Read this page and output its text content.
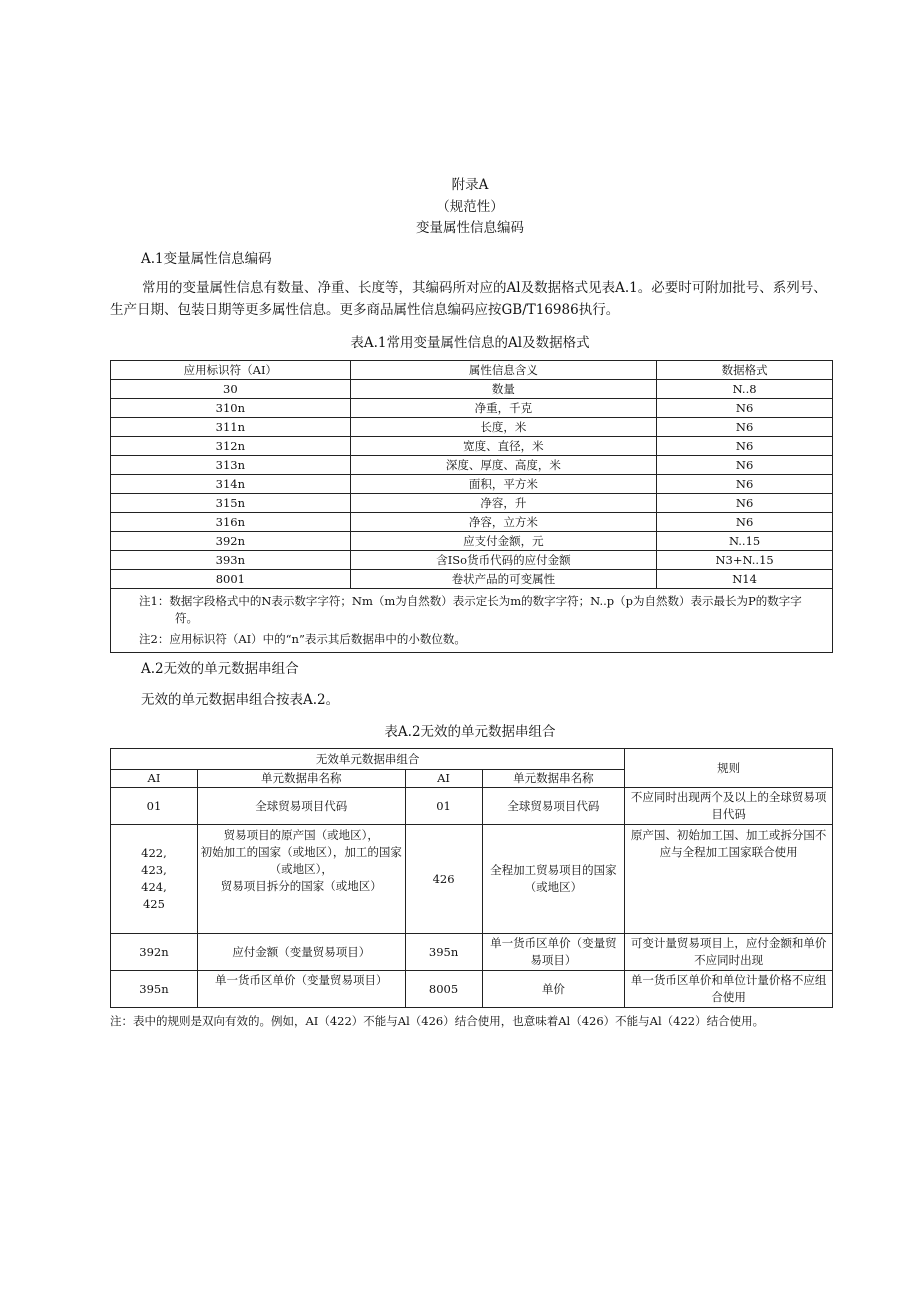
附录A
（规范性）
变量属性信息编码
A.1变量属性信息编码
常用的变量属性信息有数量、净重、长度等，其编码所对应的Al及数据格式见表A.1。必要时可附加批号、系列号、生产日期、包装日期等更多属性信息。更多商品属性信息编码应按GB/T16986执行。
表A.1常用变量属性信息的Al及数据格式
应用标识符（AI）	属性信息含义	数据格式
30	数量	N..8
310n	净重，千克	N6
311n	长度，米	N6
312n	宽度、直径，米	N6
313n	深度、厚度、高度，米	N6
314n	面积，平方米	N6
315n	净容，升	N6
316n	净容，立方米	N6
392n	应支付金额，元	N..15
393n	含ISo货币代码的应付金额	N3+N..15
8001	卷状产品的可变属性	N14

注1：数据字段格式中的N表示数字字符；Nm（m为自然数）表示定长为m的数字字符；N..p（p为自然数）表示最长为P的数字字符。
注2：应用标识符（AI）中的“n”表示其后数据串中的小数位数。		
A.2无效的单元数据串组合
无效的单元数据串组合按表A.2。
表A.2无效的单元数据串组合
无效单元数据串组合				规则
AI	单元数据串名称	AI	单元数据串名称	
01	全球贸易项目代码	01	全球贸易项目代码	不应同时出现两个及以上的全球贸易项目代码
422,
423,
424,
425	贸易项目的原产国（或地区），
初始加工的国家（或地区），加工的国家（或地区），
贸易项目拆分的国家（或地区）	426	全程加工贸易项目的国家（或地区）	原产国、初始加工国、加工或拆分国不应与全程加工国家联合使用
392n	应付金额（变量贸易项目）	395n	单一货币区单价（变量贸易项目）	可变计量贸易项目上，应付金额和单价不应同时出现
395n	单一货币区单价（变量贸易项目）	8005	单价	单一货币区单价和单位计量价格不应组合使用
注：表中的规则是双向有效的。例如，AI（422）不能与Al（426）结合使用，也意味着Al（426）不能与Al（422）结合使用。
